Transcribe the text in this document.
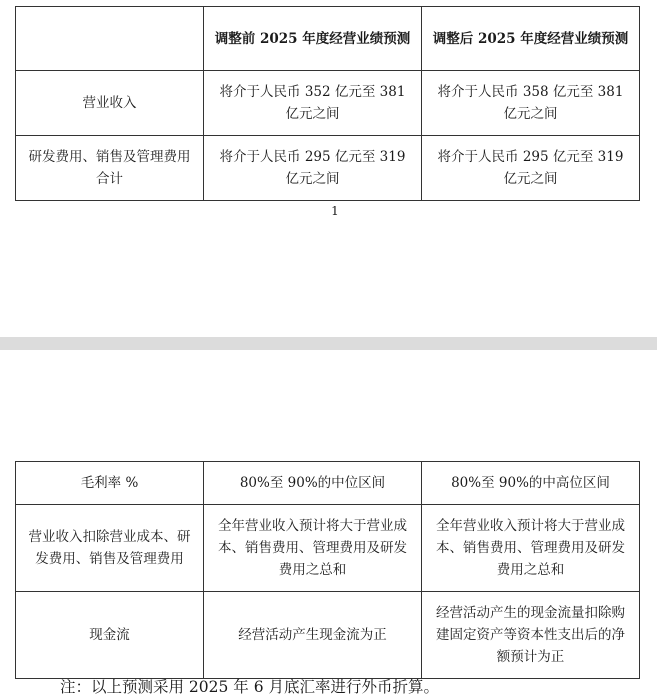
	调整前 2025 年度经营业绩预测	调整后 2025 年度经营业绩预测
营业收入	将介于人民币 352 亿元至 381 亿元之间	将介于人民币 358 亿元至 381 亿元之间
研发费用、销售及管理费用合计	将介于人民币 295 亿元至 319 亿元之间	将介于人民币 295 亿元至 319 亿元之间
1
毛利率 %	80%至 90%的中位区间	80%至 90%的中高位区间
营业收入扣除营业成本、研发费用、销售及管理费用	全年营业收入预计将大于营业成本、销售费用、管理费用及研发费用之总和	全年营业收入预计将大于营业成本、销售费用、管理费用及研发费用之总和
现金流	经营活动产生现金流为正	经营活动产生的现金流量扣除购建固定资产等资本性支出后的净额预计为正
注：以上预测采用 2025 年 6 月底汇率进行外币折算。
